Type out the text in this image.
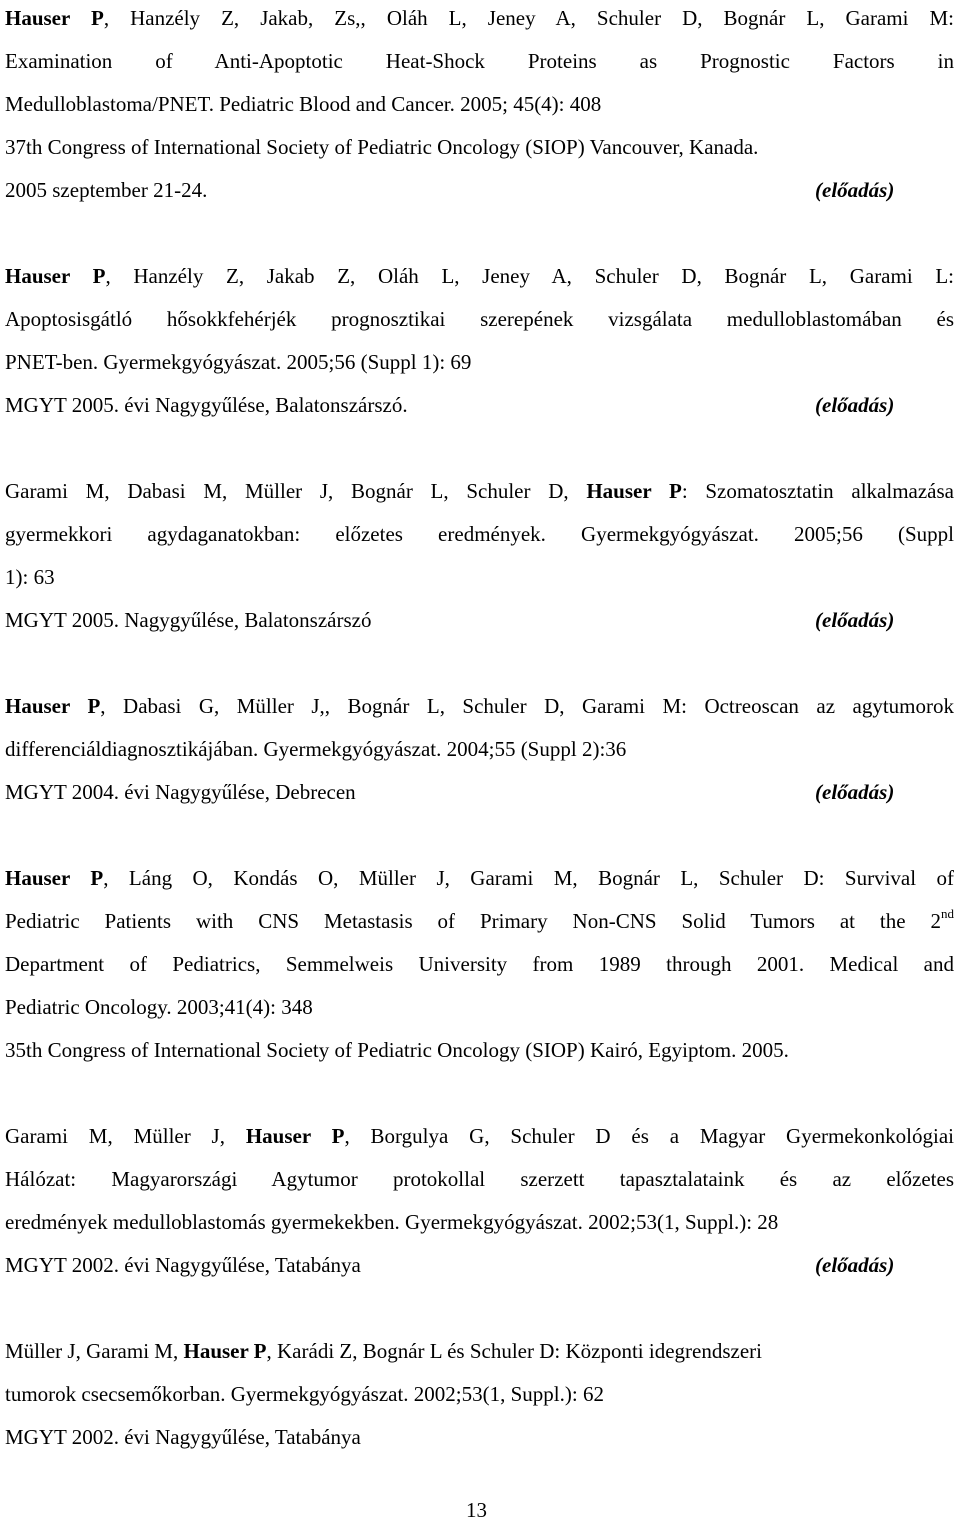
Hauser P, Hanzély Z, Jakab, Zs,, Oláh L, Jeney A, Schuler D, Bognár L, Garami M:
Examination of Anti-Apoptotic Heat-Shock Proteins as Prognostic Factors in
Medulloblastoma/PNET. Pediatric Blood and Cancer. 2005; 45(4): 408
37th Congress of International Society of Pediatric Oncology (SIOP) Vancouver, Kanada.
2005 szeptember 21-24.	(előadás)
Hauser P, Hanzély Z, Jakab Z, Oláh L, Jeney A, Schuler D, Bognár L, Garami L:
Apoptosisgátló hősokkfehérjék prognosztikai szerepének vizsgálata medulloblastomában és
PNET-ben. Gyermekgyógyászat. 2005;56 (Suppl 1): 69
MGYT 2005. évi Nagygyűlése, Balatonszárszó.	(előadás)
Garami M, Dabasi M, Müller J, Bognár L, Schuler D, Hauser P: Szomatosztatin alkalmazása
gyermekkori agydaganatokban: előzetes eredmények. Gyermekgyógyászat. 2005;56 (Suppl
1): 63
MGYT 2005. Nagygyűlése, Balatonszárszó	(előadás)
Hauser P, Dabasi G, Müller J,, Bognár L, Schuler D, Garami M: Octreoscan az agytumorok
differenciáldiagnosztikájában. Gyermekgyógyászat. 2004;55 (Suppl 2):36
MGYT 2004. évi Nagygyűlése, Debrecen	(előadás)
Hauser P, Láng O, Kondás O, Müller J, Garami M, Bognár L, Schuler D: Survival of
Pediatric Patients with CNS Metastasis of Primary Non-CNS Solid Tumors at the 2nd
Department of Pediatrics, Semmelweis University from 1989 through 2001. Medical and
Pediatric Oncology. 2003;41(4): 348
35th Congress of International Society of Pediatric Oncology (SIOP) Kairó, Egyiptom. 2005.
Garami M, Müller J, Hauser P, Borgulya G, Schuler D és a Magyar Gyermekonkológiai
Hálózat: Magyarországi Agytumor protokollal szerzett tapasztalataink és az előzetes
eredmények medulloblastomás gyermekekben. Gyermekgyógyászat. 2002;53(1, Suppl.): 28
MGYT 2002. évi Nagygyűlése, Tatabánya	(előadás)
Müller J, Garami M, Hauser P, Karádi Z, Bognár L és Schuler D: Központi idegrendszeri
tumorok csecsemőkorban. Gyermekgyógyászat. 2002;53(1, Suppl.): 62
MGYT 2002. évi Nagygyűlése, Tatabánya
13
